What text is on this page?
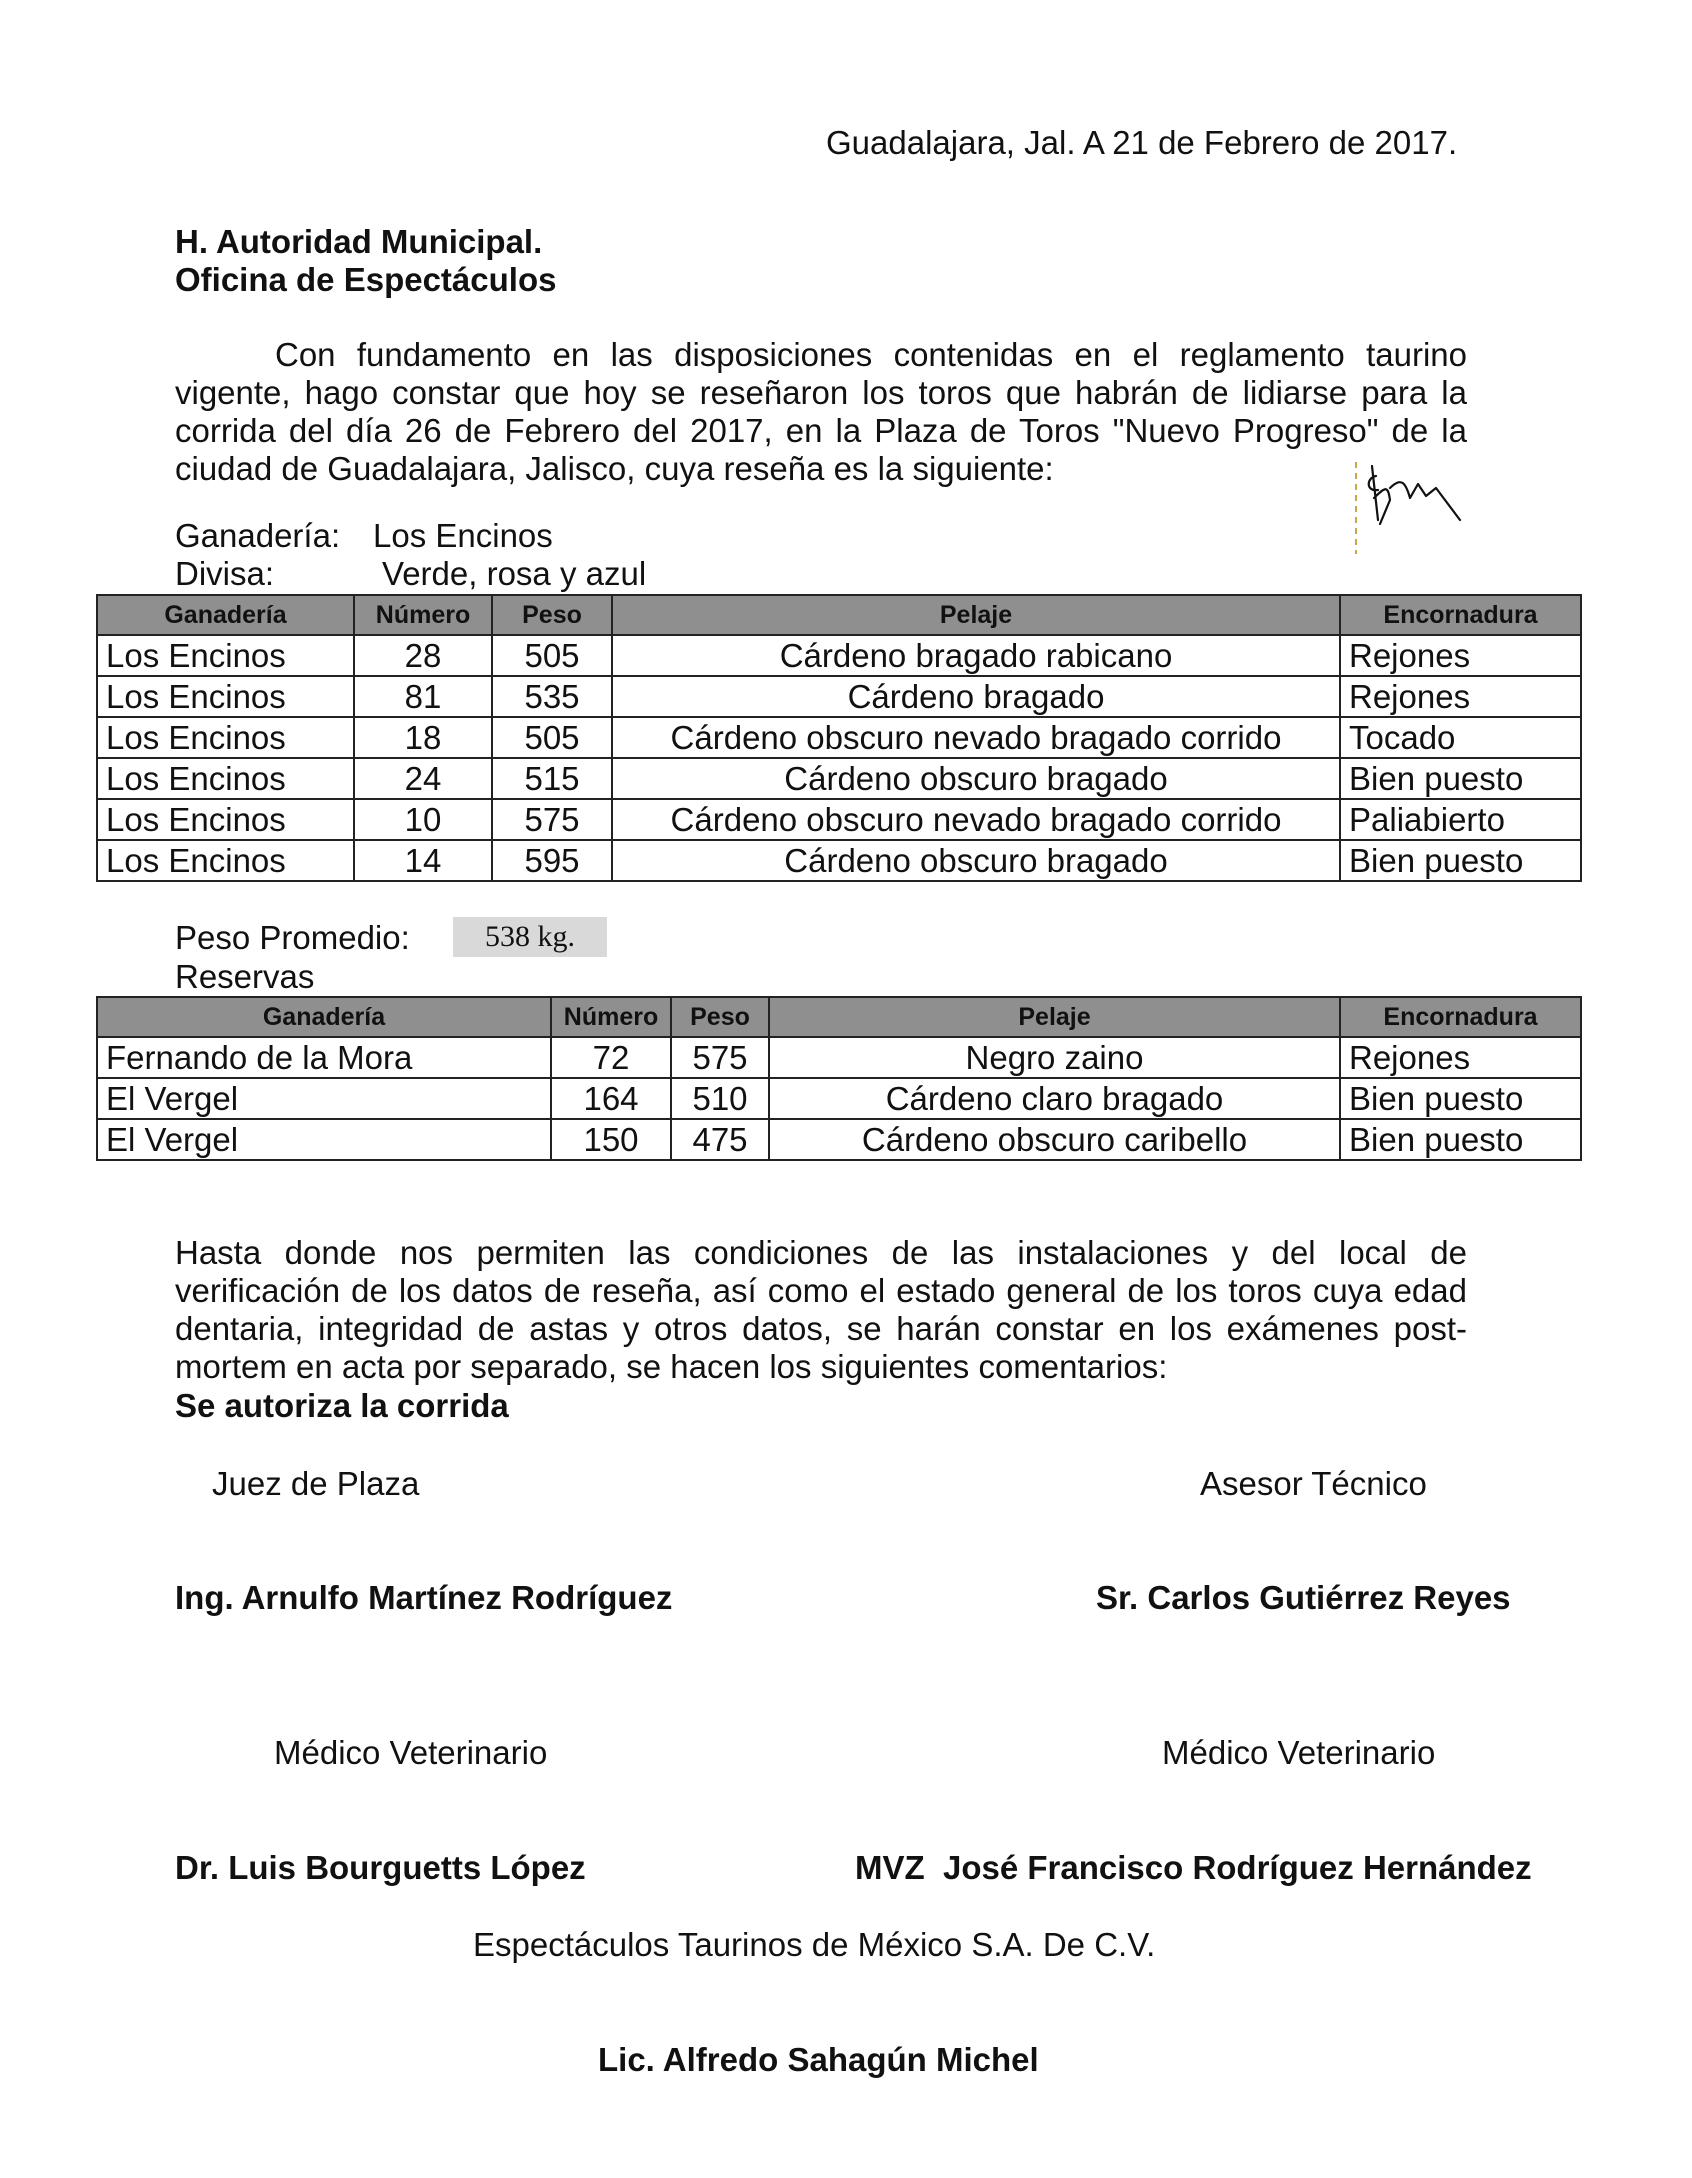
Guadalajara, Jal. A 21 de Febrero de 2017.
H. Autoridad Municipal.
Oficina de Espectáculos
Con fundamento en las disposiciones contenidas en el reglamento taurino vigente, hago constar que hoy se reseñaron los toros que habrán de lidiarse para la corrida del día 26 de Febrero del 2017, en la Plaza de Toros "Nuevo Progreso" de la ciudad de Guadalajara, Jalisco, cuya reseña es la siguiente:
Ganadería: Los Encinos
Divisa:	Verde, rosa y azul
Ganadería	Número	Peso	Pelaje	Encornadura
Los Encinos	28	505	Cárdeno bragado rabicano	Rejones
Los Encinos	81	535	Cárdeno bragado	Rejones
Los Encinos	18	505	Cárdeno obscuro nevado bragado corrido	Tocado
Los Encinos	24	515	Cárdeno obscuro bragado	Bien puesto
Los Encinos	10	575	Cárdeno obscuro nevado bragado corrido	Paliabierto
Los Encinos	14	595	Cárdeno obscuro bragado	Bien puesto
Peso Promedio:	538 kg.
Reservas
Ganadería	Número	Peso	Pelaje	Encornadura
Fernando de la Mora	72	575	Negro zaino	Rejones
El Vergel	164	510	Cárdeno claro bragado	Bien puesto
El Vergel	150	475	Cárdeno obscuro caribello	Bien puesto
Hasta donde nos permiten las condiciones de las instalaciones y del local de verificación de los datos de reseña, así como el estado general de los toros cuya edad dentaria, integridad de astas y otros datos, se harán constar en los exámenes post-mortem en acta por separado, se hacen los siguientes comentarios:
Se autoriza la corrida
Juez de Plaza	Asesor Técnico
Ing. Arnulfo Martínez Rodríguez	Sr. Carlos Gutiérrez Reyes
Médico Veterinario	Médico Veterinario
Dr. Luis Bourguetts López	MVZ  José Francisco Rodríguez Hernández
Espectáculos Taurinos de México S.A. De C.V.
Lic. Alfredo Sahagún Michel
